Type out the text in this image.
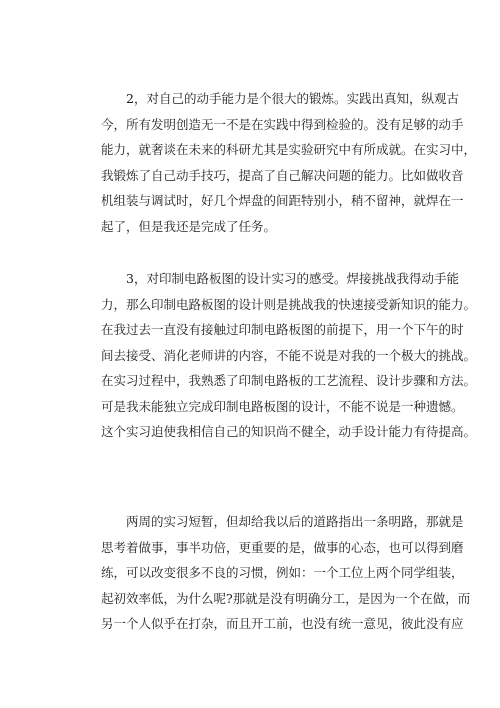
2，对自己的动手能力是个很大的锻炼。实践出真知，纵观古
今，所有发明创造无一不是在实践中得到检验的。没有足够的动手
能力，就奢谈在未来的科研尤其是实验研究中有所成就。在实习中，
我锻炼了自己动手技巧，提高了自己解决问题的能力。比如做收音
机组装与调试时，好几个焊盘的间距特别小，稍不留神，就焊在一
起了，但是我还是完成了任务。
3，对印制电路板图的设计实习的感受。焊接挑战我得动手能
力，那么印制电路板图的设计则是挑战我的快速接受新知识的能力。
在我过去一直没有接触过印制电路板图的前提下，用一个下午的时
间去接受、消化老师讲的内容，不能不说是对我的一个极大的挑战。
在实习过程中，我熟悉了印制电路板的工艺流程、设计步骤和方法。
可是我未能独立完成印制电路板图的设计，不能不说是一种遗憾。
这个实习迫使我相信自己的知识尚不健全，动手设计能力有待提高。
两周的实习短暂，但却给我以后的道路指出一条明路，那就是
思考着做事，事半功倍，更重要的是，做事的心态，也可以得到磨
练，可以改变很多不良的习惯，例如：一个工位上两个同学组装，
起初效率低，为什么呢?那就是没有明确分工，是因为一个在做，而
另一个人似乎在打杂，而且开工前，也没有统一意见，彼此没有应
